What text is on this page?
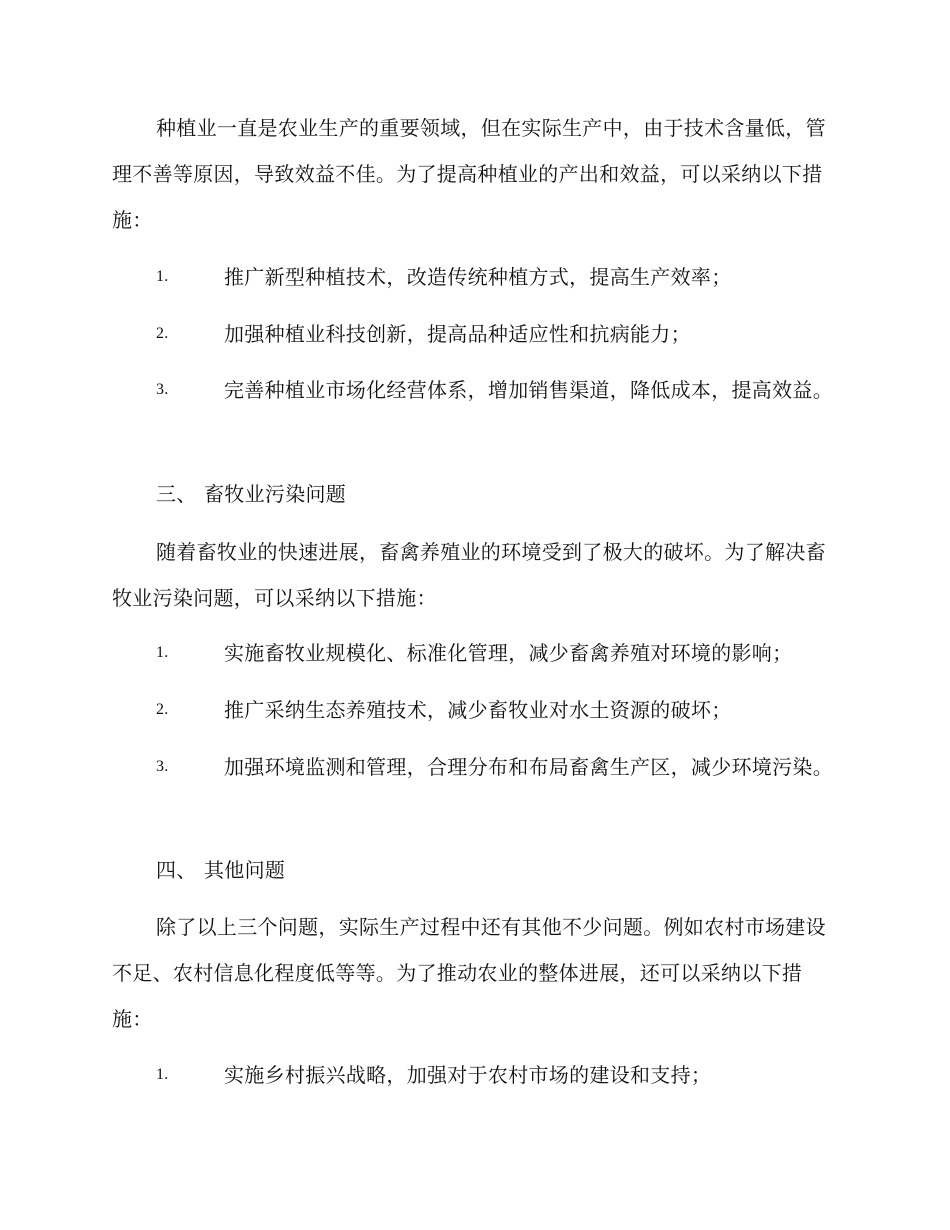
种植业一直是农业生产的重要领域，但在实际生产中，由于技术含量低，管理不善等原因，导致效益不佳。为了提高种植业的产出和效益，可以采纳以下措施：

1.	推广新型种植技术，改造传统种植方式，提高生产效率；
2.	加强种植业科技创新，提高品种适应性和抗病能力；
3.	完善种植业市场化经营体系，增加销售渠道，降低成本，提高效益。
三、 畜牧业污染问题

随着畜牧业的快速进展，畜禽养殖业的环境受到了极大的破坏。为了解决畜牧业污染问题，可以采纳以下措施：

1.	实施畜牧业规模化、标准化管理，减少畜禽养殖对环境的影响；
2.	推广采纳生态养殖技术，减少畜牧业对水土资源的破坏；
3.	加强环境监测和管理，合理分布和布局畜禽生产区，减少环境污染。
四、 其他问题

除了以上三个问题，实际生产过程中还有其他不少问题。例如农村市场建设不足、农村信息化程度低等等。为了推动农业的整体进展，还可以采纳以下措施：

1.	实施乡村振兴战略，加强对于农村市场的建设和支持；
